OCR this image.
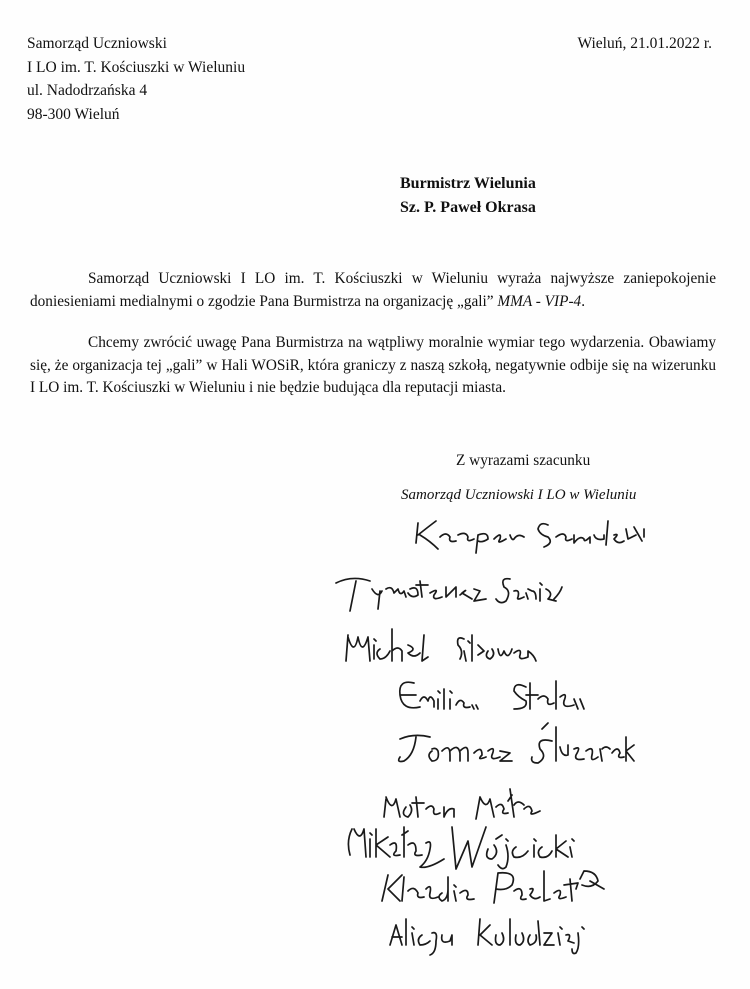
Samorząd Uczniowski
I LO im. T. Kościuszki w Wieluniu
ul. Nadodrzańska 4
98-300 Wieluń
Wieluń, 21.01.2022 r.
Burmistrz Wielunia
Sz. P. Paweł Okrasa

Samorząd Uczniowski I LO im. T. Kościuszki w Wieluniu wyraża najwyższe zaniepokojenie doniesieniami medialnymi o zgodzie Pana Burmistrza na organizację „gali” MMA - VIP-4.

Chcemy zwrócić uwagę Pana Burmistrza na wątpliwy moralnie wymiar tego wydarzenia. Obawiamy się, że organizacja tej „gali” w Hali WOSiR, która graniczy z naszą szkołą, negatywnie odbije się na wizerunku I LO im. T. Kościuszki w Wieluniu i nie będzie budująca dla reputacji miasta.

Z wyrazami szacunku
Samorząd Uczniowski I LO w Wieluniu
